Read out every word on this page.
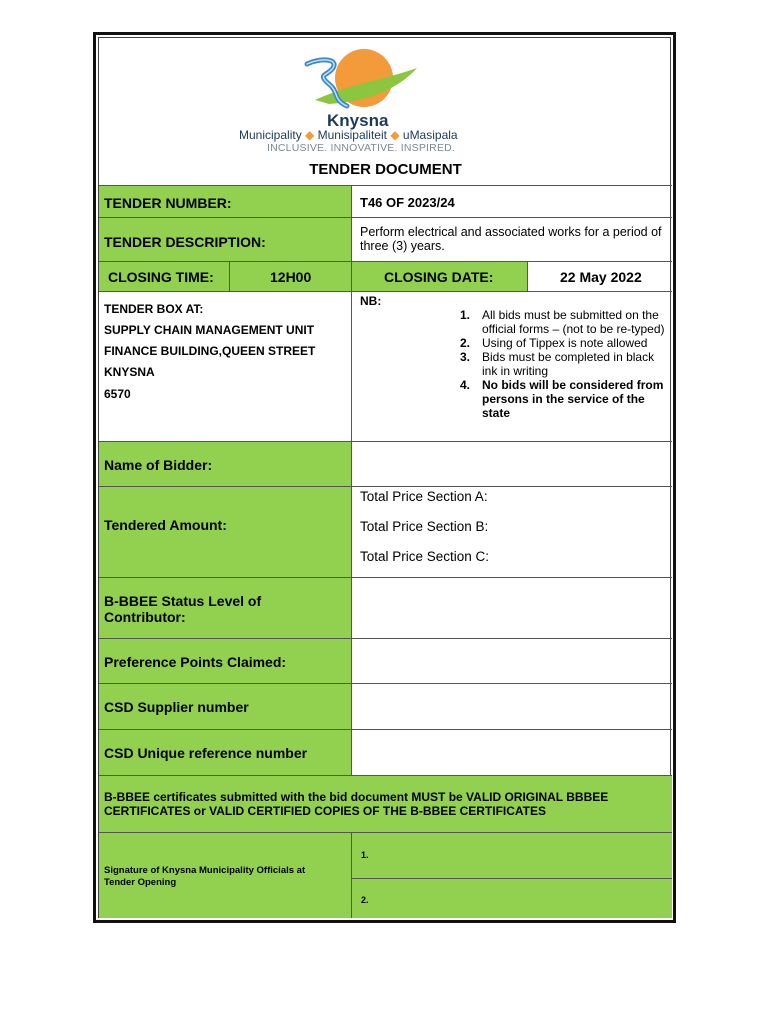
Knysna
Municipality ◆ Munisipaliteit ◆ uMasipala
INCLUSIVE. INNOVATIVE. INSPIRED.
TENDER DOCUMENT
TENDER NUMBER:	T46 OF 2023/24
TENDER DESCRIPTION:
Perform electrical and associated works for a period of three (3) years.
CLOSING TIME:	12H00	CLOSING DATE:	22 May 2022
TENDER BOX AT:
SUPPLY CHAIN MANAGEMENT UNIT
FINANCE BUILDING,QUEEN STREET
KNYSNA
6570
NB:
1. All bids must be submitted on the official forms – (not to be re-typed)
2. Using of Tippex is note allowed
3. Bids must be completed in black ink in writing
4. No bids will be considered from persons in the service of the state
Name of Bidder:
Tendered Amount:
Total Price Section A:
Total Price Section B:
Total Price Section C:
B-BBEE Status Level of Contributor:
Preference Points Claimed:
CSD Supplier number
CSD Unique reference number
B-BBEE certificates submitted with the bid document MUST be VALID ORIGINAL BBBEE CERTIFICATES or VALID CERTIFIED COPIES OF THE B-BBEE CERTIFICATES
Signature of Knysna Municipality Officials at Tender Opening
1.
2.
